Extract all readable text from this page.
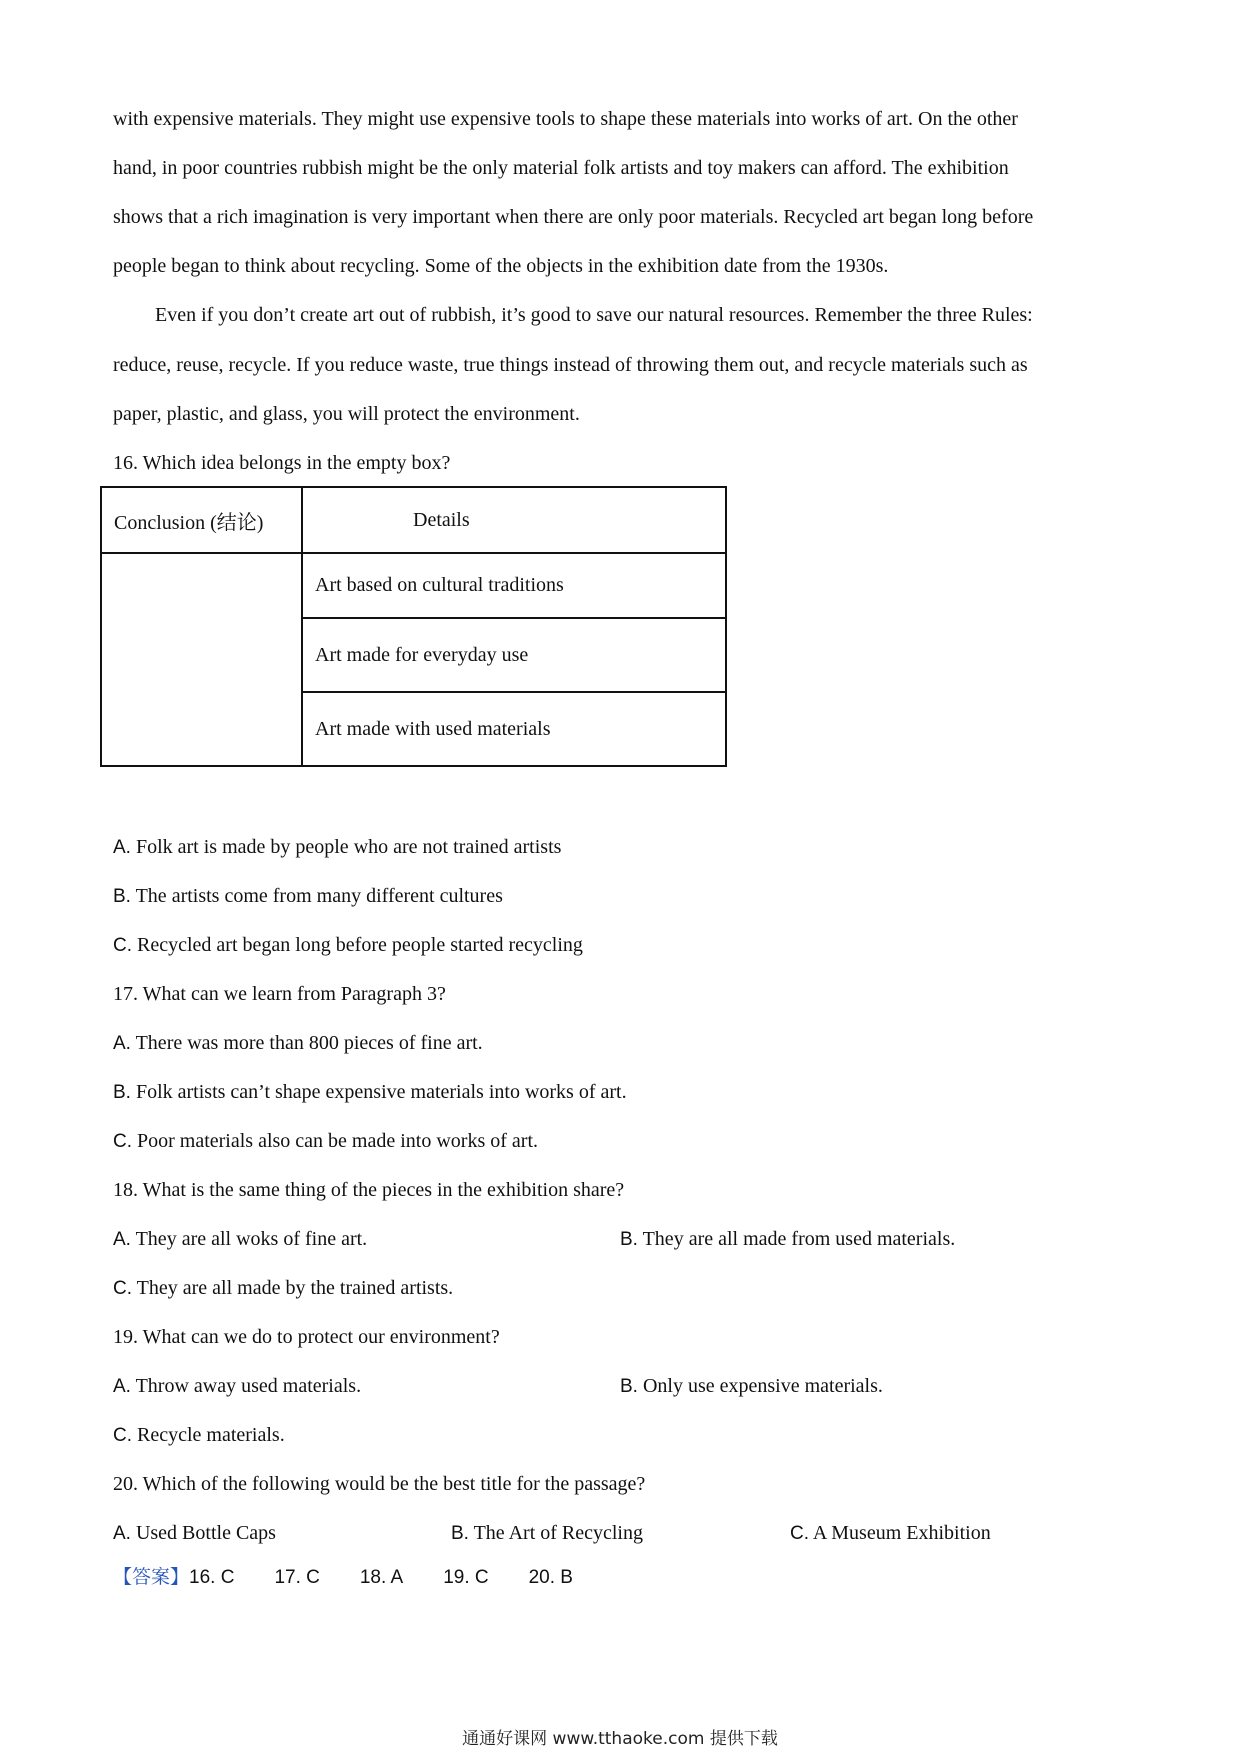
with expensive materials. They might use expensive tools to shape these materials into works of art. On the other
hand, in poor countries rubbish might be the only material folk artists and toy makers can afford. The exhibition
shows that a rich imagination is very important when there are only poor materials. Recycled art began long before
people began to think about recycling. Some of the objects in the exhibition date from the 1930s.
Even if you don’t create art out of rubbish, it’s good to save our natural resources. Remember the three Rules:
reduce, reuse, recycle. If you reduce waste, true things instead of throwing them out, and recycle materials such as
paper, plastic, and glass, you will protect the environment.
16. Which idea belongs in the empty box?
Conclusion (结论)	Details
	Art based on cultural traditions
	Art made for everyday use
	Art made with used materials
A. Folk art is made by people who are not trained artists
B. The artists come from many different cultures
C. Recycled art began long before people started recycling
17. What can we learn from Paragraph 3?
A. There was more than 800 pieces of fine art.
B. Folk artists can’t shape expensive materials into works of art.
C. Poor materials also can be made into works of art.
18. What is the same thing of the pieces in the exhibition share?
A. They are all woks of fine art.	B. They are all made from used materials.
C. They are all made by the trained artists.
19. What can we do to protect our environment?
A. Throw away used materials.	B. Only use expensive materials.
C. Recycle materials.
20. Which of the following would be the best title for the passage?
A. Used Bottle Caps	B. The Art of Recycling	C. A Museum Exhibition
【答案】16. C 17. C 18. A 19. C 20. B
通通好课网 www.tthaoke.com 提供下载
